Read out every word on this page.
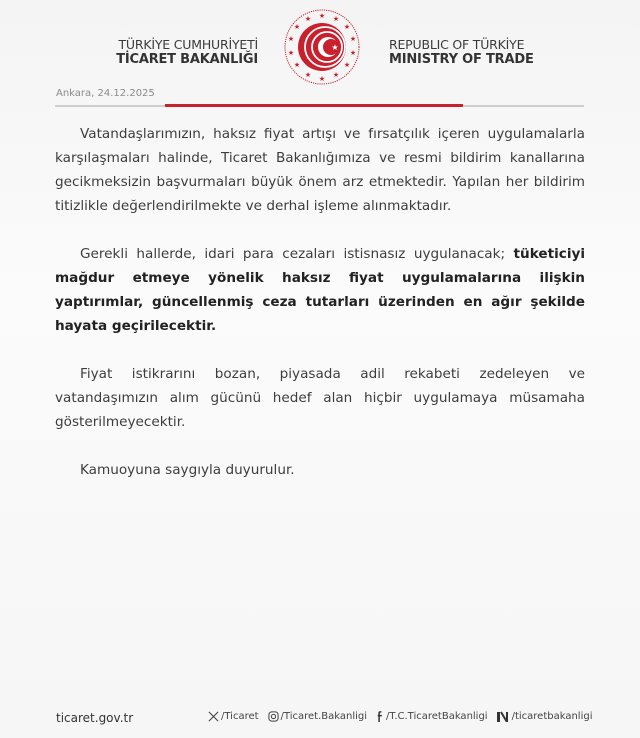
TÜRKİYE CUMHURİYETİ
TİCARET BAKANLIĞI
★ ★
★
★
★
★
★
★
★
★
★
★
★
★
★	REPUBLIC OF TÜRKİYE
MINISTRY OF TRADE
Ankara, 24.12.2025

Vatandaşlarımızın, haksız fiyat artışı ve fırsatçılık içeren uygulamalarla karşılaşmaları halinde, Ticaret Bakanlığımıza ve resmi bildirim kanallarına gecikmeksizin başvurmaları büyük önem arz etmektedir. Yapılan her bildirim titizlikle değerlendirilmekte ve derhal işleme alınmaktadır.

Gerekli hallerde, idari para cezaları istisnasız uygulanacak; tüketiciyi mağdur etmeye yönelik haksız fiyat uygulamalarına ilişkin yaptırımlar, güncellenmiş ceza tutarları üzerinden en ağır şekilde hayata geçirilecektir.

Fiyat istikrarını bozan, piyasada adil rekabeti zedeleyen ve vatandaşımızın alım gücünü hedef alan hiçbir uygulamaya müsamaha gösterilmeyecektir.

Kamuoyuna saygıyla duyurulur.

ticaret.gov.tr	/Ticaret /Ticaret.Bakanligi /T.C.TicaretBakanligi /ticaretbakanligi
